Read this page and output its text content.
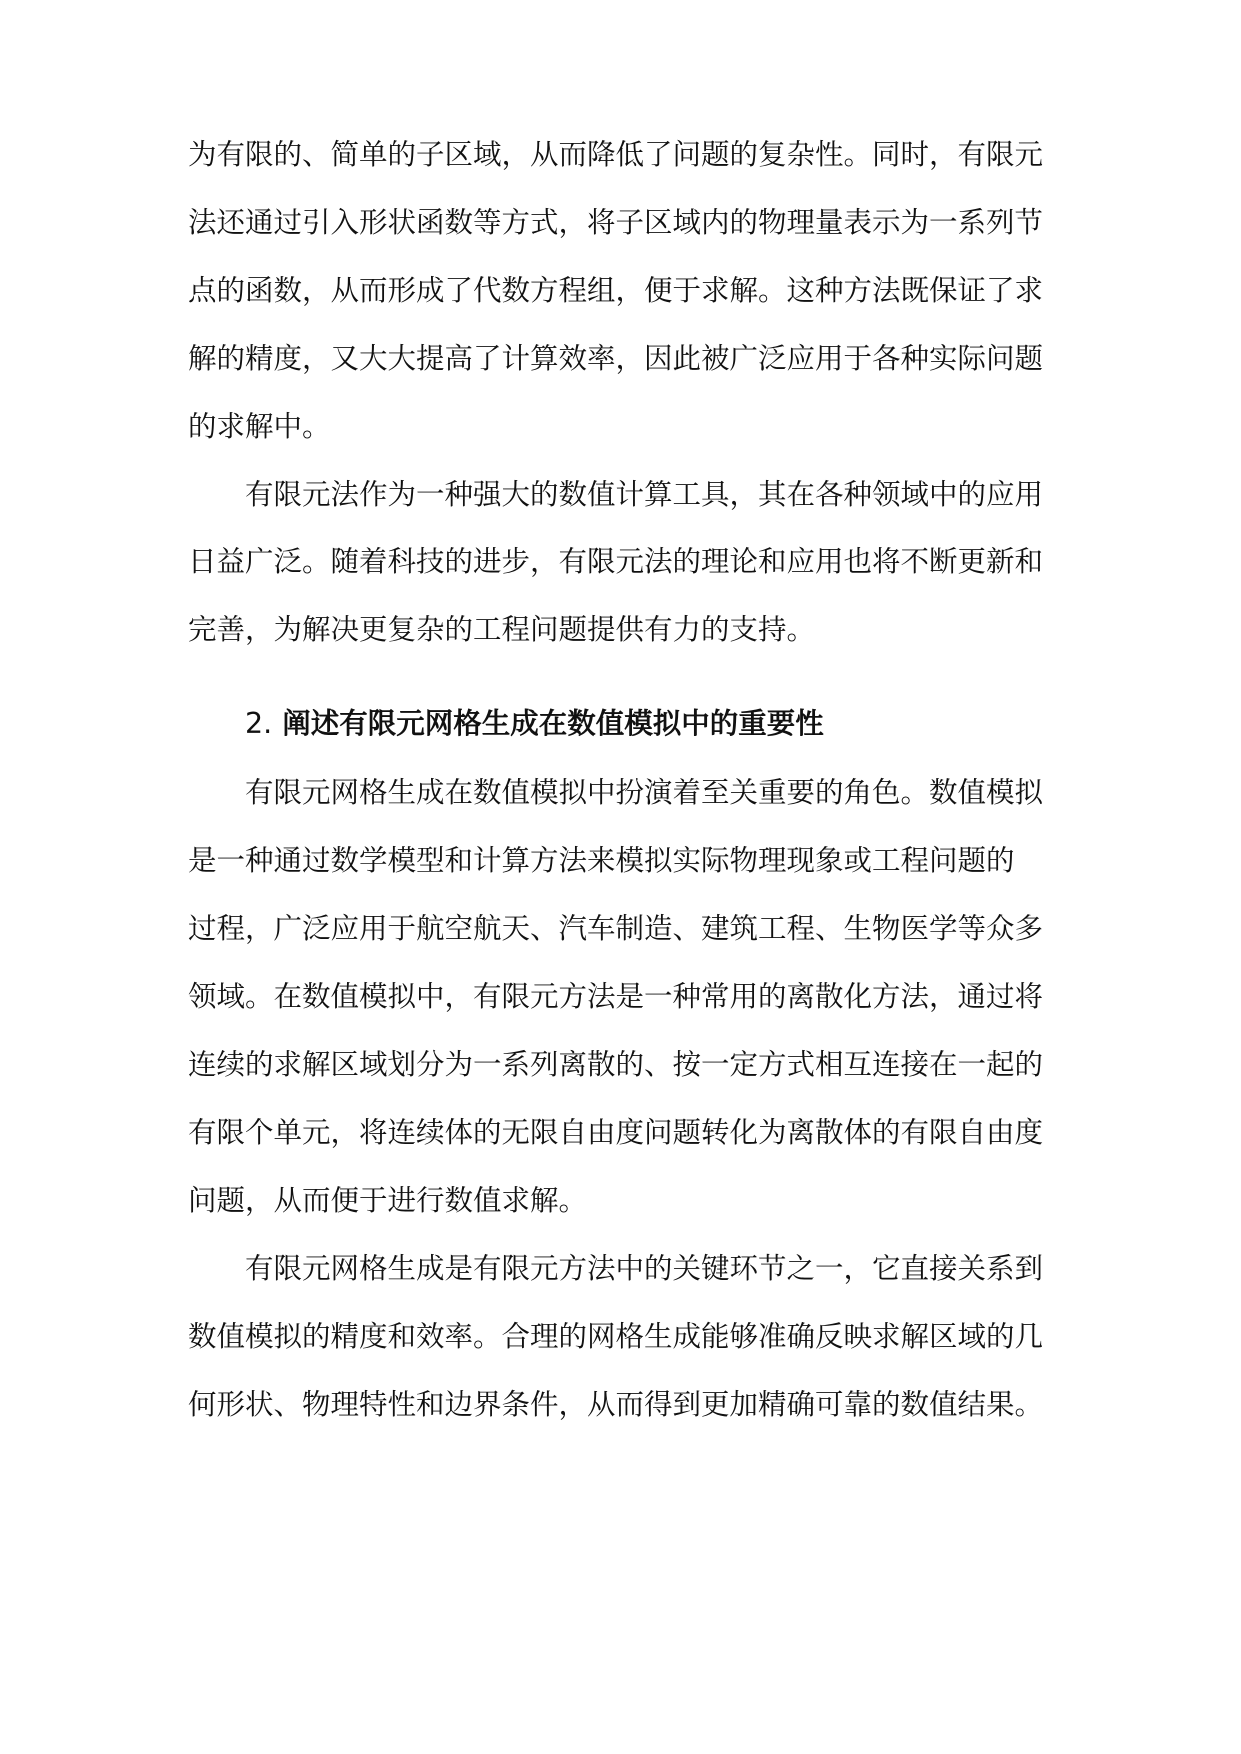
为有限的、简单的子区域，从而降低了问题的复杂性。同时，有限元
法还通过引入形状函数等方式，将子区域内的物理量表示为一系列节
点的函数，从而形成了代数方程组，便于求解。这种方法既保证了求
解的精度，又大大提高了计算效率，因此被广泛应用于各种实际问题
的求解中。
有限元法作为一种强大的数值计算工具，其在各种领域中的应用
日益广泛。随着科技的进步，有限元法的理论和应用也将不断更新和
完善，为解决更复杂的工程问题提供有力的支持。
2. 阐述有限元网格生成在数值模拟中的重要性
有限元网格生成在数值模拟中扮演着至关重要的角色。数值模拟
是一种通过数学模型和计算方法来模拟实际物理现象或工程问题的
过程，广泛应用于航空航天、汽车制造、建筑工程、生物医学等众多
领域。在数值模拟中，有限元方法是一种常用的离散化方法，通过将
连续的求解区域划分为一系列离散的、按一定方式相互连接在一起的
有限个单元，将连续体的无限自由度问题转化为离散体的有限自由度
问题，从而便于进行数值求解。
有限元网格生成是有限元方法中的关键环节之一，它直接关系到
数值模拟的精度和效率。合理的网格生成能够准确反映求解区域的几
何形状、物理特性和边界条件，从而得到更加精确可靠的数值结果。
